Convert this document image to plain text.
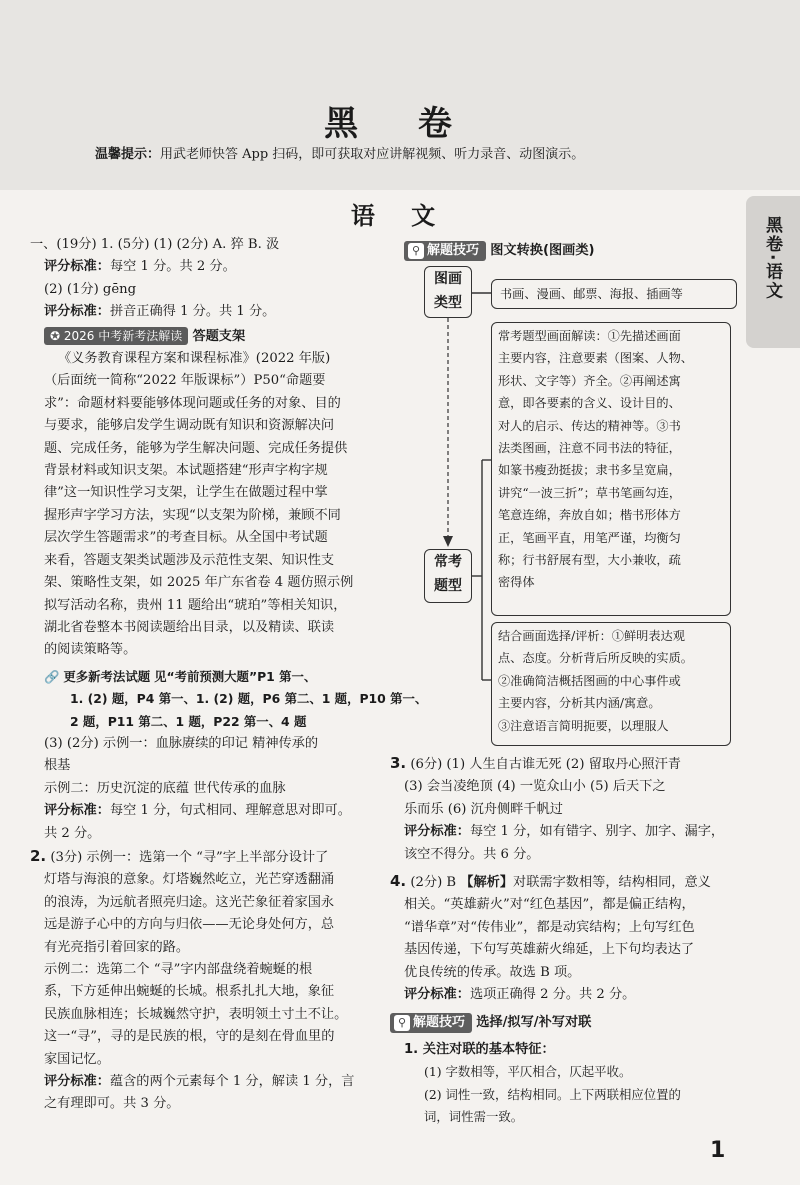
黑 卷
温馨提示：用武老师快答 App 扫码，即可获取对应讲解视频、听力录音、动图演示。
语 文	黑卷·语文

一、(19分) 1. (5分) (1) (2分) A. 猝 B. 汲

评分标准：每空 1 分。共 2 分。

(2) (1分) gēng

评分标准：拼音正确得 1 分。共 1 分。

✪ 2026 中考新考法解读 答题支架

《义务教育课程方案和课程标准》(2022 年版)

（后面统一简称“2022 年版课标”）P50“命题要

求”：命题材料要能够体现问题或任务的对象、目的

与要求，能够启发学生调动既有知识和资源解决问

题、完成任务，能够为学生解决问题、完成任务提供

背景材料或知识支架。本试题搭建“形声字构字规

律”这一知识性学习支架，让学生在做题过程中掌

握形声字学习方法，实现“以支架为阶梯，兼顾不同

层次学生答题需求”的考查目标。从全国中考试题

来看，答题支架类试题涉及示范性支架、知识性支

架、策略性支架，如 2025 年广东省卷 4 题仿照示例

拟写活动名称，贵州 11 题给出“琥珀”等相关知识，

湖北省卷整本书阅读题给出目录，以及精读、联读

的阅读策略等。

🔗 更多新考法试题 见“考前预测大题”P1 第一、

1. (2) 题，P4 第一、1. (2) 题，P6 第二、1 题，P10 第一、

2 题，P11 第二、1 题，P22 第一、4 题

(3) (2分) 示例一：血脉赓续的印记 精神传承的

根基

示例二：历史沉淀的底蕴 世代传承的血脉

评分标准：每空 1 分，句式相同、理解意思对即可。

共 2 分。

2. (3分) 示例一：选第一个 “寻”字上半部分设计了

灯塔与海浪的意象。灯塔巍然屹立，光芒穿透翻涌

的浪涛，为远航者照亮归途。这光芒象征着家国永

远是游子心中的方向与归依——无论身处何方，总

有光亮指引着回家的路。

示例二：选第二个 “寻”字内部盘绕着蜿蜒的根

系，下方延伸出蜿蜒的长城。根系扎扎大地，象征

民族血脉相连；长城巍然守护，表明领土寸土不让。

这一“寻”，寻的是民族的根，守的是刻在骨血里的

家国记忆。

评分标准：蕴含的两个元素每个 1 分，解读 1 分，言

之有理即可。共 3 分。

⚲ 解题技巧 图文转换(图画类)

图画类型

书画、漫画、邮票、海报、插画等

常考题型

常考题型画面解读：①先描述画面

主要内容，注意要素（图案、人物、

形状、文字等）齐全。②再阐述寓

意，即各要素的含义、设计目的、

对人的启示、传达的精神等。③书

法类图画，注意不同书法的特征，

如篆书瘦劲挺拔；隶书多呈宽扁，

讲究“一波三折”；草书笔画勾连，

笔意连绵，奔放自如；楷书形体方

正，笔画平直，用笔严谨，均衡匀

称；行书舒展有型，大小兼收，疏

密得体

结合画面选择/评析：①鲜明表达观

点、态度。分析背后所反映的实质。

②准确简洁概括图画的中心事件或

主要内容，分析其内涵/寓意。

③注意语言简明扼要，以理服人

3. (6分) (1) 人生自古谁无死 (2) 留取丹心照汗青

(3) 会当凌绝顶 (4) 一览众山小 (5) 后天下之

乐而乐 (6) 沉舟侧畔千帆过

评分标准：每空 1 分，如有错字、别字、加字、漏字，

该空不得分。共 6 分。

4. (2分) B 【解析】对联需字数相等，结构相同，意义

相关。“英雄薪火”对“红色基因”，都是偏正结构，

“谱华章”对“传伟业”，都是动宾结构；上句写红色

基因传递，下句写英雄薪火绵延，上下句均表达了

优良传统的传承。故选 B 项。

评分标准：选项正确得 2 分。共 2 分。

⚲ 解题技巧 选择/拟写/补写对联

1. 关注对联的基本特征：

(1) 字数相等，平仄相合，仄起平收。

(2) 词性一致，结构相同。上下两联相应位置的

词，词性需一致。

1
